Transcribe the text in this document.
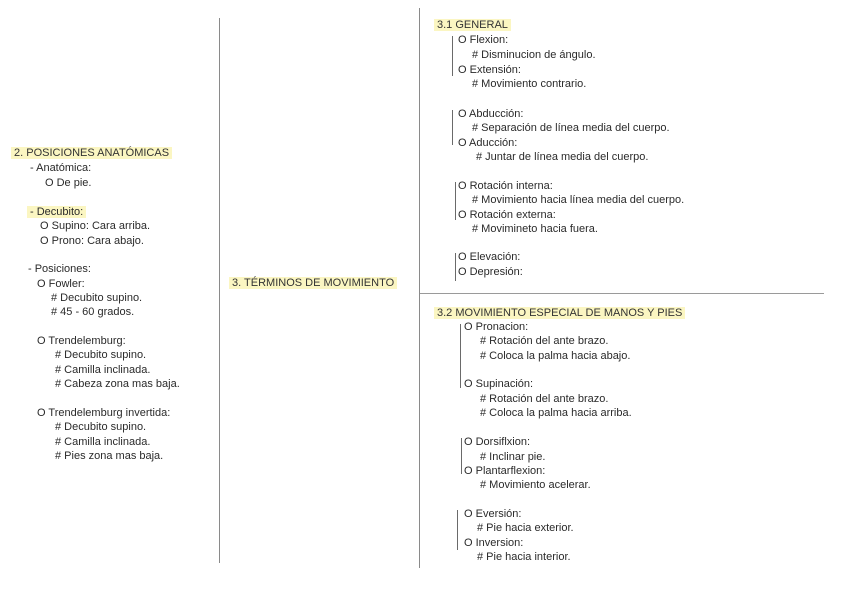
2. POSICIONES ANATÓMICAS
- Anatómica:
O De pie.
- Decubito:
O Supino: Cara arriba.
O Prono: Cara abajo.
- Posiciones:
O Fowler:
# Decubito supino.
# 45 - 60 grados.
O Trendelemburg:
# Decubito supino.
# Camilla inclinada.
# Cabeza zona mas baja.
O Trendelemburg invertida:
# Decubito supino.
# Camilla inclinada.
# Pies zona mas baja.
3. TÉRMINOS DE MOVIMIENTO
3.1 GENERAL
O Flexion:
# Disminucion de ángulo.
O Extensión:
# Movimiento contrario.
O Abducción:
# Separación de línea media del cuerpo.
O Aducción:
# Juntar de línea media del cuerpo.
O Rotación interna:
# Movimiento hacia línea media del cuerpo.
O Rotación externa:
# Movimineto hacia fuera.
O Elevación:
O Depresión:
3.2 MOVIMIENTO ESPECIAL DE MANOS Y PIES
O Pronacion:
# Rotación del ante brazo.
# Coloca la palma hacia abajo.
O Supinación:
# Rotación del ante brazo.
# Coloca la palma hacia arriba.
O Dorsiflxion:
# Inclinar pie.
O Plantarflexion:
# Movimiento acelerar.
O Eversión:
# Pie hacia exterior.
O Inversion:
# Pie hacia interior.
